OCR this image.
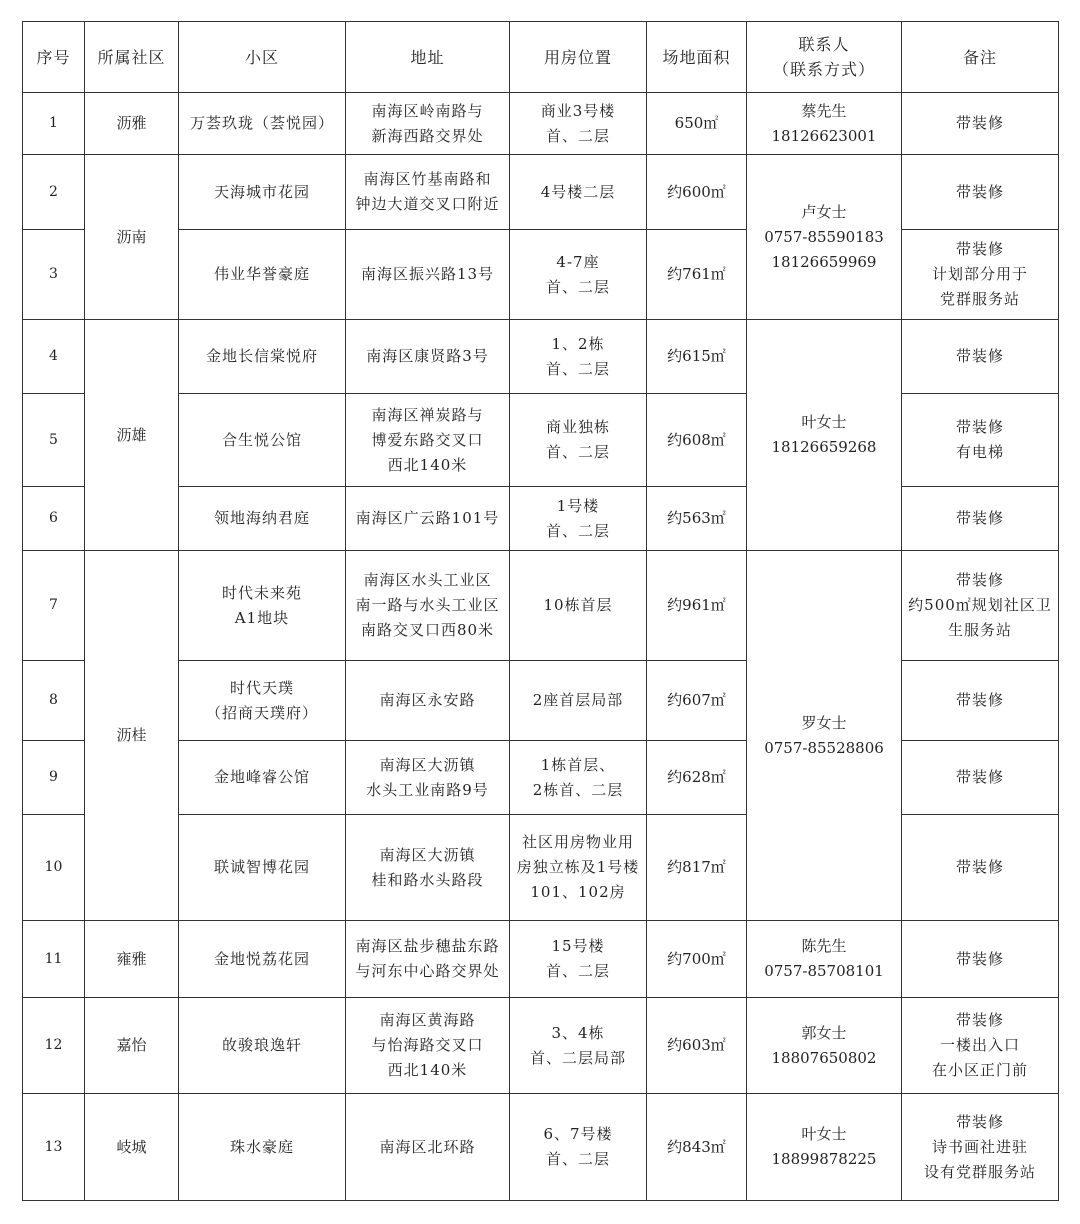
序号	所属社区	小区	地址	用房位置	场地面积	联系人
（联系方式）	备注
1	沥雅	万荟玖珑（荟悦园）	南海区岭南路与
新海西路交界处	商业3号楼
首、二层	650㎡	蔡先生
18126623001	带装修
2	沥南	天海城市花园	南海区竹基南路和
钟边大道交叉口附近	4号楼二层	约600㎡	卢女士
0757-85590183
18126659969	带装修
3		伟业华誉豪庭	南海区振兴路13号	4-7座
首、二层	约761㎡		带装修
计划部分用于
党群服务站
4	沥雄	金地长信棠悦府	南海区康贤路3号	1、2栋
首、二层	约615㎡	叶女士
18126659268	带装修
5		合生悦公馆	南海区禅炭路与
博爱东路交叉口
西北140米	商业独栋
首、二层	约608㎡		带装修
有电梯
6		领地海纳君庭	南海区广云路101号	1号楼
首、二层	约563㎡		带装修
7	沥桂	时代未来苑
A1地块	南海区水头工业区
南一路与水头工业区
南路交叉口西80米	10栋首层	约961㎡	罗女士
0757-85528806	带装修
约500㎡规划社区卫
生服务站
8		时代天璞
（招商天璞府）	南海区永安路	2座首层局部	约607㎡		带装修
9		金地峰睿公馆	南海区大沥镇
水头工业南路9号	1栋首层、
2栋首、二层	约628㎡		带装修
10		联诚智博花园	南海区大沥镇
桂和路水头路段	社区用房物业用
房独立栋及1号楼
101、102房	约817㎡		带装修
11	雍雅	金地悦荔花园	南海区盐步穗盐东路
与河东中心路交界处	15号楼
首、二层	约700㎡	陈先生
0757-85708101	带装修
12	嘉怡	敀骏琅逸轩	南海区黄海路
与怡海路交叉口
西北140米	3、4栋
首、二层局部	约603㎡	郭女士
18807650802	带装修
一楼出入口
在小区正门前
13	岐城	珠水豪庭	南海区北环路	6、7号楼
首、二层	约843㎡	叶女士
18899878225	带装修
诗书画社进驻
设有党群服务站
